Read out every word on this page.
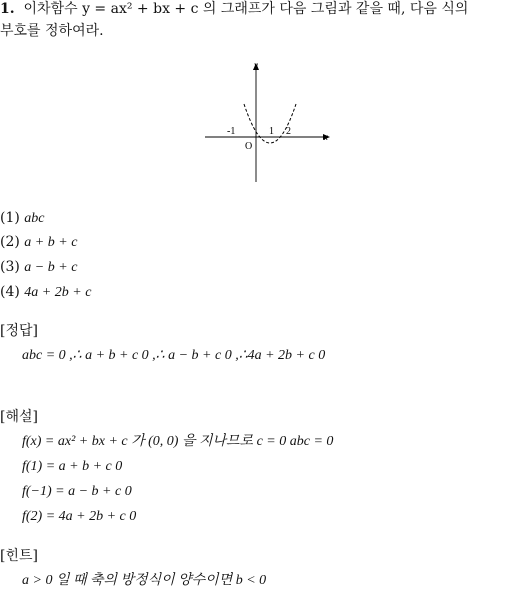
1. 이차함수 y = ax² + bx + c 의 그래프가 다음 그림과 같을 때, 다음 식의
부호를 정하여라.
y
x
O
-1	1 2
(1) abc
(2) a + b + c
(3) a − b + c
(4) 4a + 2b + c
[정답]
abc = 0 ,∴ a + b + c 0 ,∴ a − b + c 0 ,∴4a + 2b + c 0
[해설]
f(x) = ax² + bx + c 가 (0, 0) 을 지나므로 c = 0 abc = 0
f(1) = a + b + c 0
f(−1) = a − b + c 0
f(2) = 4a + 2b + c 0
[힌트]
a > 0 일 때 축의 방정식이 양수이면 b < 0
